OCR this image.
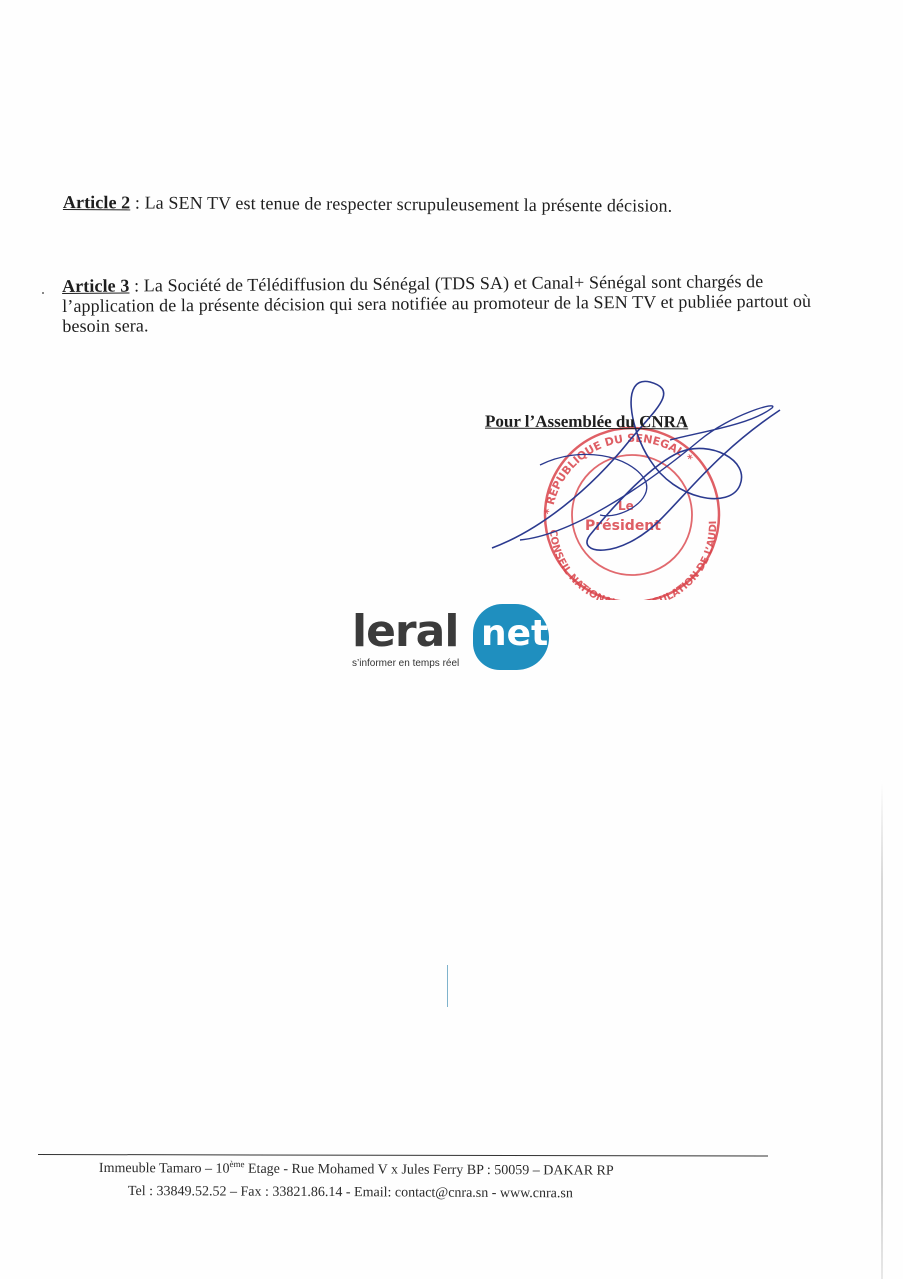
Article 2 : La SEN TV est tenue de respecter scrupuleusement la présente décision.
Article 3 : La Société de Télédiffusion du Sénégal (TDS SA) et Canal+ Sénégal sont chargés de l’application de la présente décision qui sera notifiée au promoteur de la SEN TV et publiée partout où besoin sera.
* REPUBLIQUE DU SENEGAL *
CONSEIL NATION ULATION DE L’AUDI
Le
Président
Pour l’Assemblée du CNRA
leral net
s’informer en temps réel
Immeuble Tamaro – 10ème Etage - Rue Mohamed V x Jules Ferry BP : 50059 – DAKAR RP
Tel : 33849.52.52 – Fax : 33821.86.14 - Email: contact@cnra.sn - www.cnra.sn
